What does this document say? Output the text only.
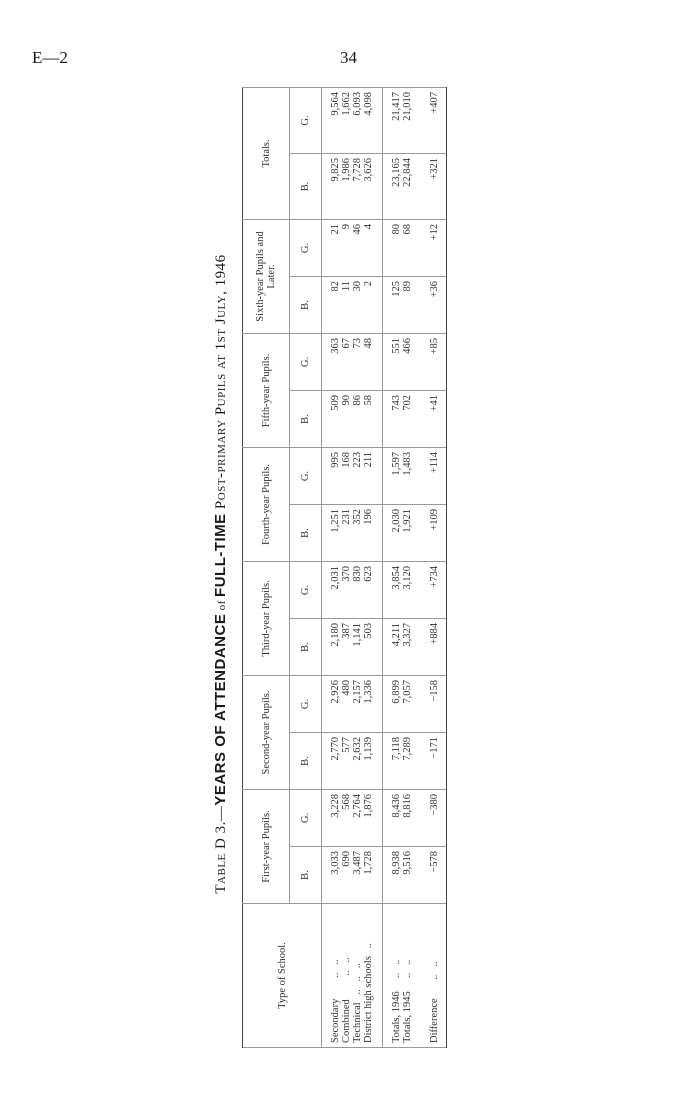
E—2	34
Table D 3.—YEARS OF ATTENDANCE of FULL-TIME Post-primary Pupils at 1st July, 1946
Type of School.	First-year Pupils.		Second-year Pupils.		Third-year Pupils.		Fourth-year Pupils.		Fifth-year Pupils.		Sixth-year Pupils and Later.		Totals.	
	B.	G.	B.	G.	B.	G.	B.	G.	B.	G.	B.	G.	B.	G.
Secondary        ..   ..	3,033	3,228	2,770	2,926	2,180	2,031	1,251	995	509	363	82	21	9,825	9,564
Combined         ..   ..	690	568	577	480	387	370	231	168	90	67	11	9	1,986	1,662
Technical   ..   ..   ..	3,487	2,764	2,632	2,157	1,141	830	352	223	86	73	30	46	7,728	6,093
District high schools   ..	1,728	1,876	1,139	1,336	503	623	196	211	58	48	2	4	3,626	4,098
Totals, 1946     ..   ..	8,938	8,436	7,118	6,899	4,211	3,854	2,030	1,597	743	551	125	80	23,165	21,417
Totals, 1945     ..   ..	9,516	8,816	7,289	7,057	3,327	3,120	1,921	1,483	702	466	89	68	22,844	21,010
Difference       ..   ..	−578	−380	−171	−158	+884	+734	+109	+114	+41	+85	+36	+12	+321	+407
